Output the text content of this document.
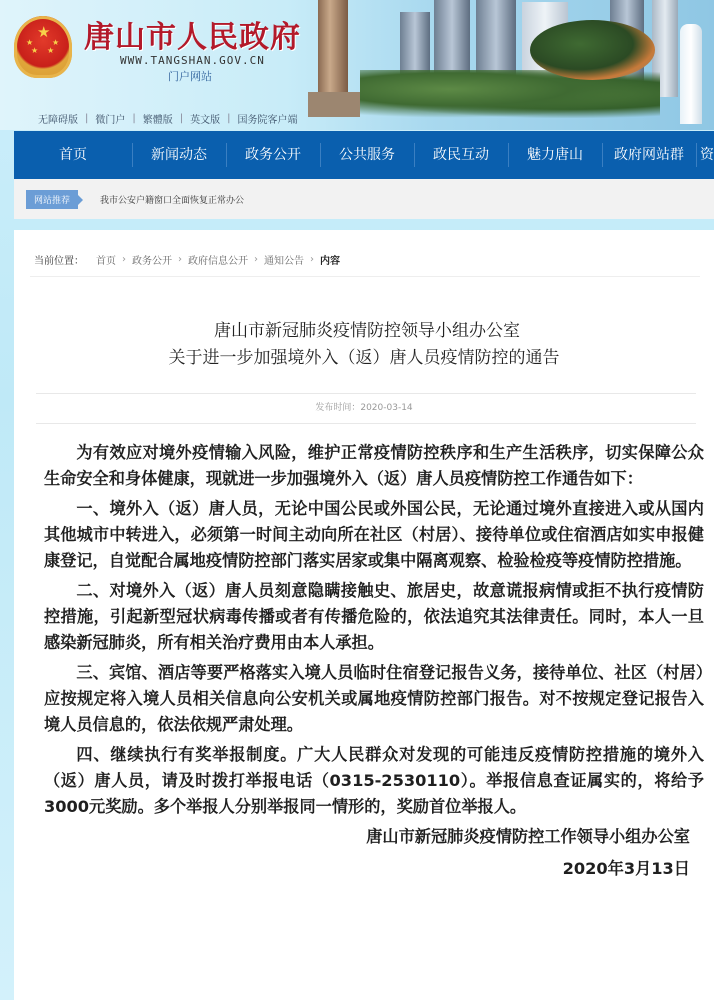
★
★ ★
★ ★ 唐山市人民政府
WWW.TANGSHAN.GOV.CN
门户网站
无障碍版 | 微门户 | 繁體版 | 英文版 | 国务院客户端
首页	新闻动态	政务公开	公共服务	政民互动	魅力唐山	政府网站群	资
网站推荐	我市公安户籍窗口全面恢复正常办公
当前位置： 首页 › 政务公开 › 政府信息公开 › 通知公告 › 内容
唐山市新冠肺炎疫情防控领导小组办公室
关于进一步加强境外入（返）唐人员疫情防控的通告
发布时间：2020-03-14

为有效应对境外疫情输入风险，维护正常疫情防控秩序和生产生活秩序，切实保障公众生命安全和身体健康，现就进一步加强境外入（返）唐人员疫情防控工作通告如下：

一、境外入（返）唐人员，无论中国公民或外国公民，无论通过境外直接进入或从国内其他城市中转进入，必须第一时间主动向所在社区（村居）、接待单位或住宿酒店如实申报健康登记，自觉配合属地疫情防控部门落实居家或集中隔离观察、检验检疫等疫情防控措施。

二、对境外入（返）唐人员刻意隐瞒接触史、旅居史，故意谎报病情或拒不执行疫情防控措施，引起新型冠状病毒传播或者有传播危险的，依法追究其法律责任。同时，本人一旦感染新冠肺炎，所有相关治疗费用由本人承担。

三、宾馆、酒店等要严格落实入境人员临时住宿登记报告义务，接待单位、社区（村居）应按规定将入境人员相关信息向公安机关或属地疫情防控部门报告。对不按规定登记报告入境人员信息的，依法依规严肃处理。

四、继续执行有奖举报制度。广大人民群众对发现的可能违反疫情防控措施的境外入（返）唐人员，请及时拨打举报电话（0315-2530110）。举报信息查证属实的，将给予3000元奖励。多个举报人分别举报同一情形的，奖励首位举报人。

唐山市新冠肺炎疫情防控工作领导小组办公室
2020年3月13日
